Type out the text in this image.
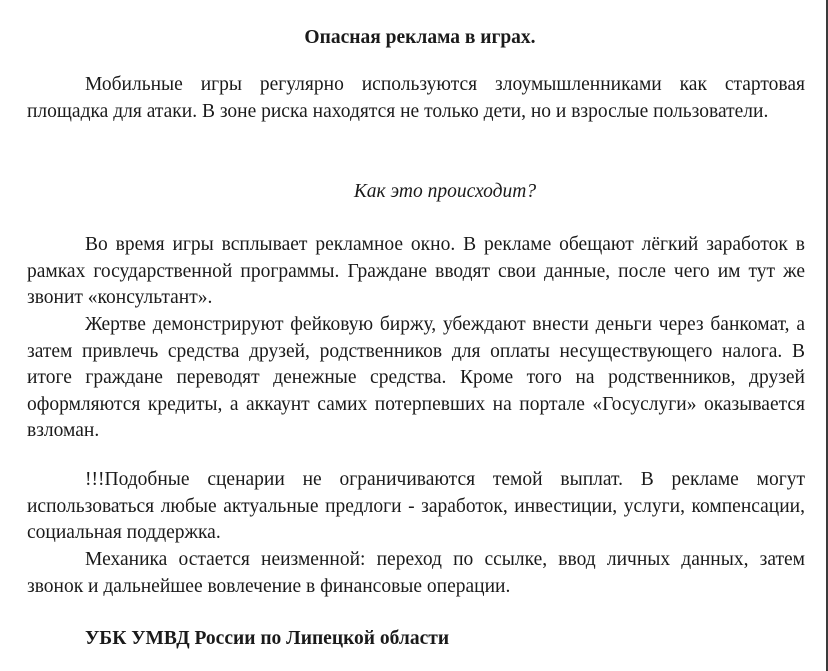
Опасная реклама в играх.

Мобильные игры регулярно используются злоумышленниками как стартовая площадка для атаки. В зоне риска находятся не только дети, но и взрослые пользователи.

Как это происходит?

Во время игры всплывает рекламное окно. В рекламе обещают лёгкий заработок в рамках государственной программы. Граждане вводят свои данные, после чего им тут же звонит «консультант».

Жертве демонстрируют фейковую биржу, убеждают внести деньги через банкомат, а затем привлечь средства друзей, родственников для оплаты несуществующего налога. В итоге граждане переводят денежные средства. Кроме того на родственников, друзей оформляются кредиты, а аккаунт самих потерпевших на портале «Госуслуги» оказывается взломан.

!!!Подобные сценарии не ограничиваются темой выплат. В рекламе могут использоваться любые актуальные предлоги - заработок, инвестиции, услуги, компенсации, социальная поддержка.

Механика остается неизменной: переход по ссылке, ввод личных данных, затем звонок и дальнейшее вовлечение в финансовые операции.

УБК УМВД России по Липецкой области
